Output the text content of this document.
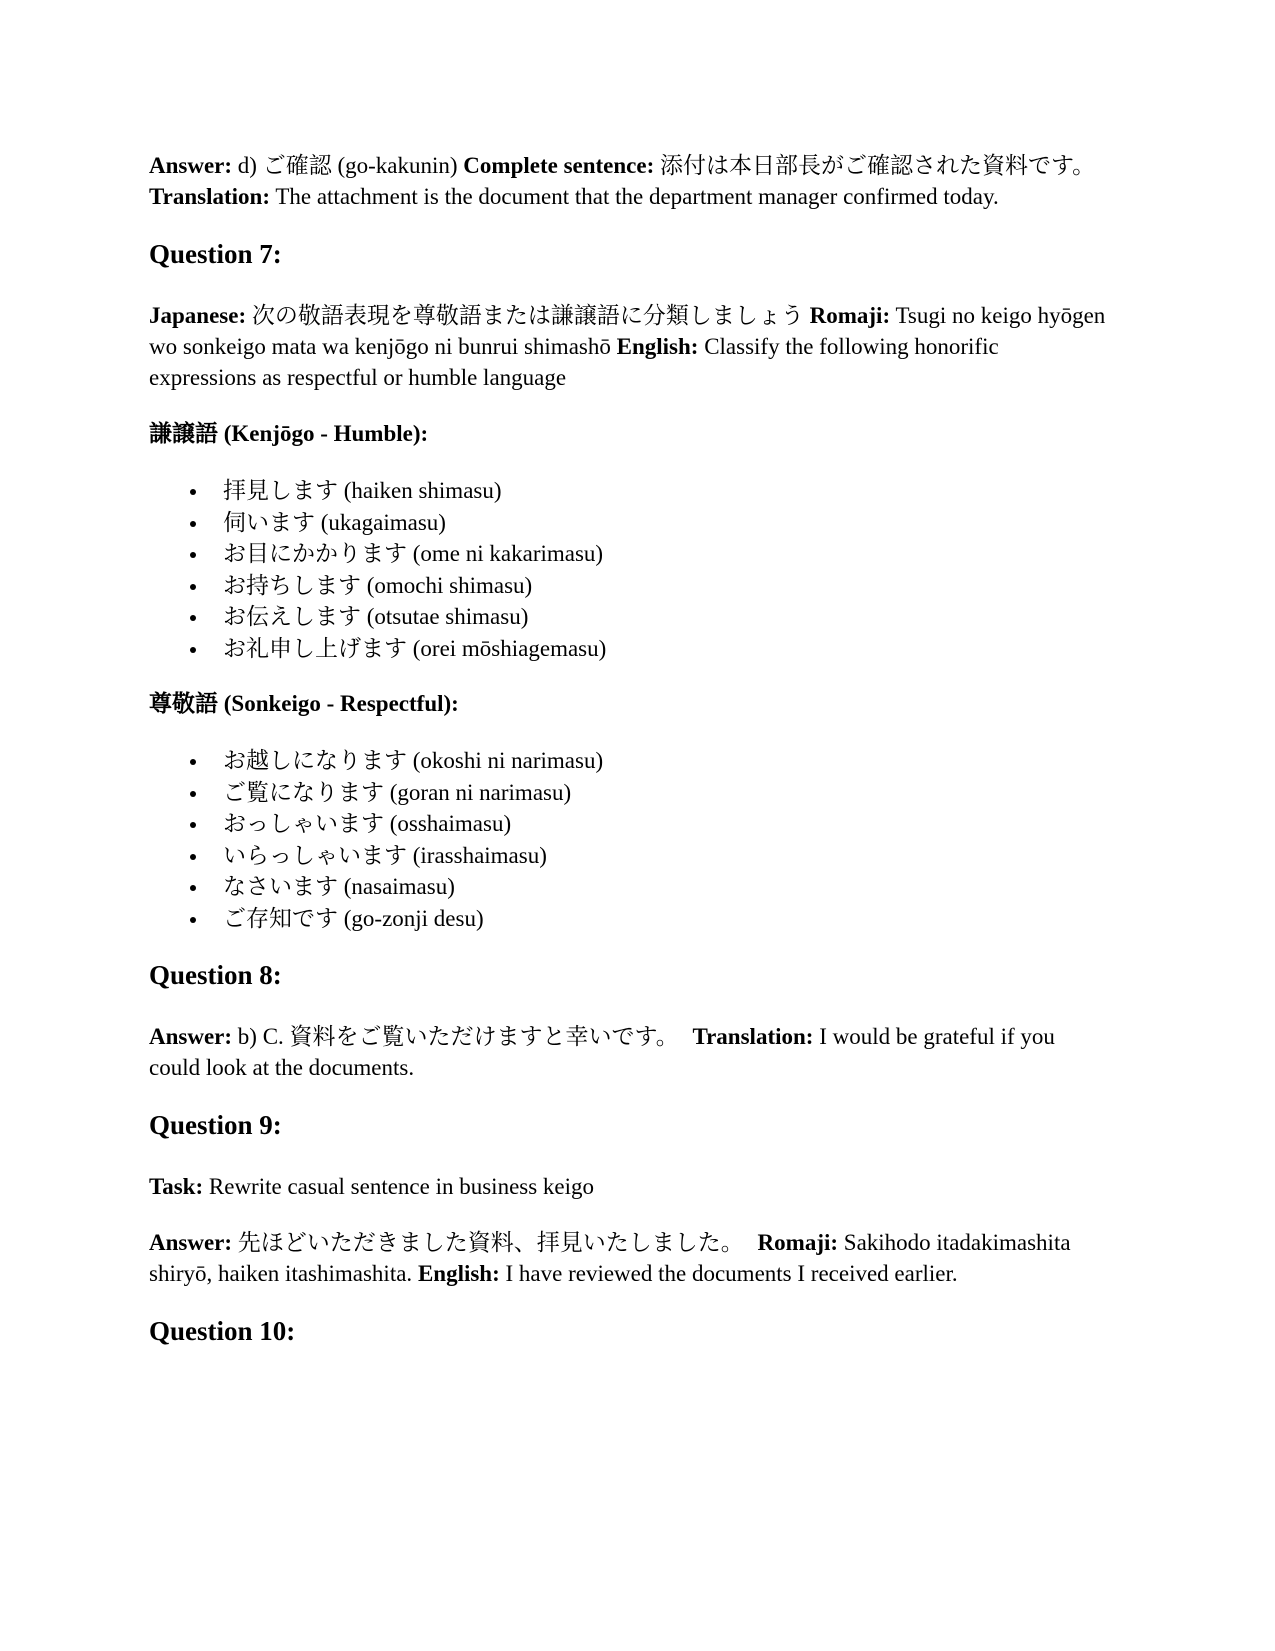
Answer: d) ご確認 (go-kakunin) Complete sentence: 添付は本日部長がご確認された資料です。 Translation: The attachment is the document that the department manager confirmed today.

Question 7:

Japanese: 次の敬語表現を尊敬語または謙譲語に分類しましょう Romaji: Tsugi no keigo hyōgen wo sonkeigo mata wa kenjōgo ni bunrui shimashō English: Classify the following honorific expressions as respectful or humble language

謙譲語 (Kenjōgo - Humble):

拝見します (haiken shimasu)
伺います (ukagaimasu)
お目にかかります (ome ni kakarimasu)
お持ちします (omochi shimasu)
お伝えします (otsutae shimasu)
お礼申し上げます (orei mōshiagemasu)

尊敬語 (Sonkeigo - Respectful):

お越しになります (okoshi ni narimasu)
ご覧になります (goran ni narimasu)
おっしゃいます (osshaimasu)
いらっしゃいます (irasshaimasu)
なさいます (nasaimasu)
ご存知です (go-zonji desu)
Question 8:

Answer: b) C. 資料をご覧いただけますと幸いです。 Translation: I would be grateful if you could look at the documents.

Question 9:

Task: Rewrite casual sentence in business keigo

Answer: 先ほどいただきました資料、拝見いたしました。 Romaji: Sakihodo itadakimashita shiryō, haiken itashimashita. English: I have reviewed the documents I received earlier.

Question 10:
